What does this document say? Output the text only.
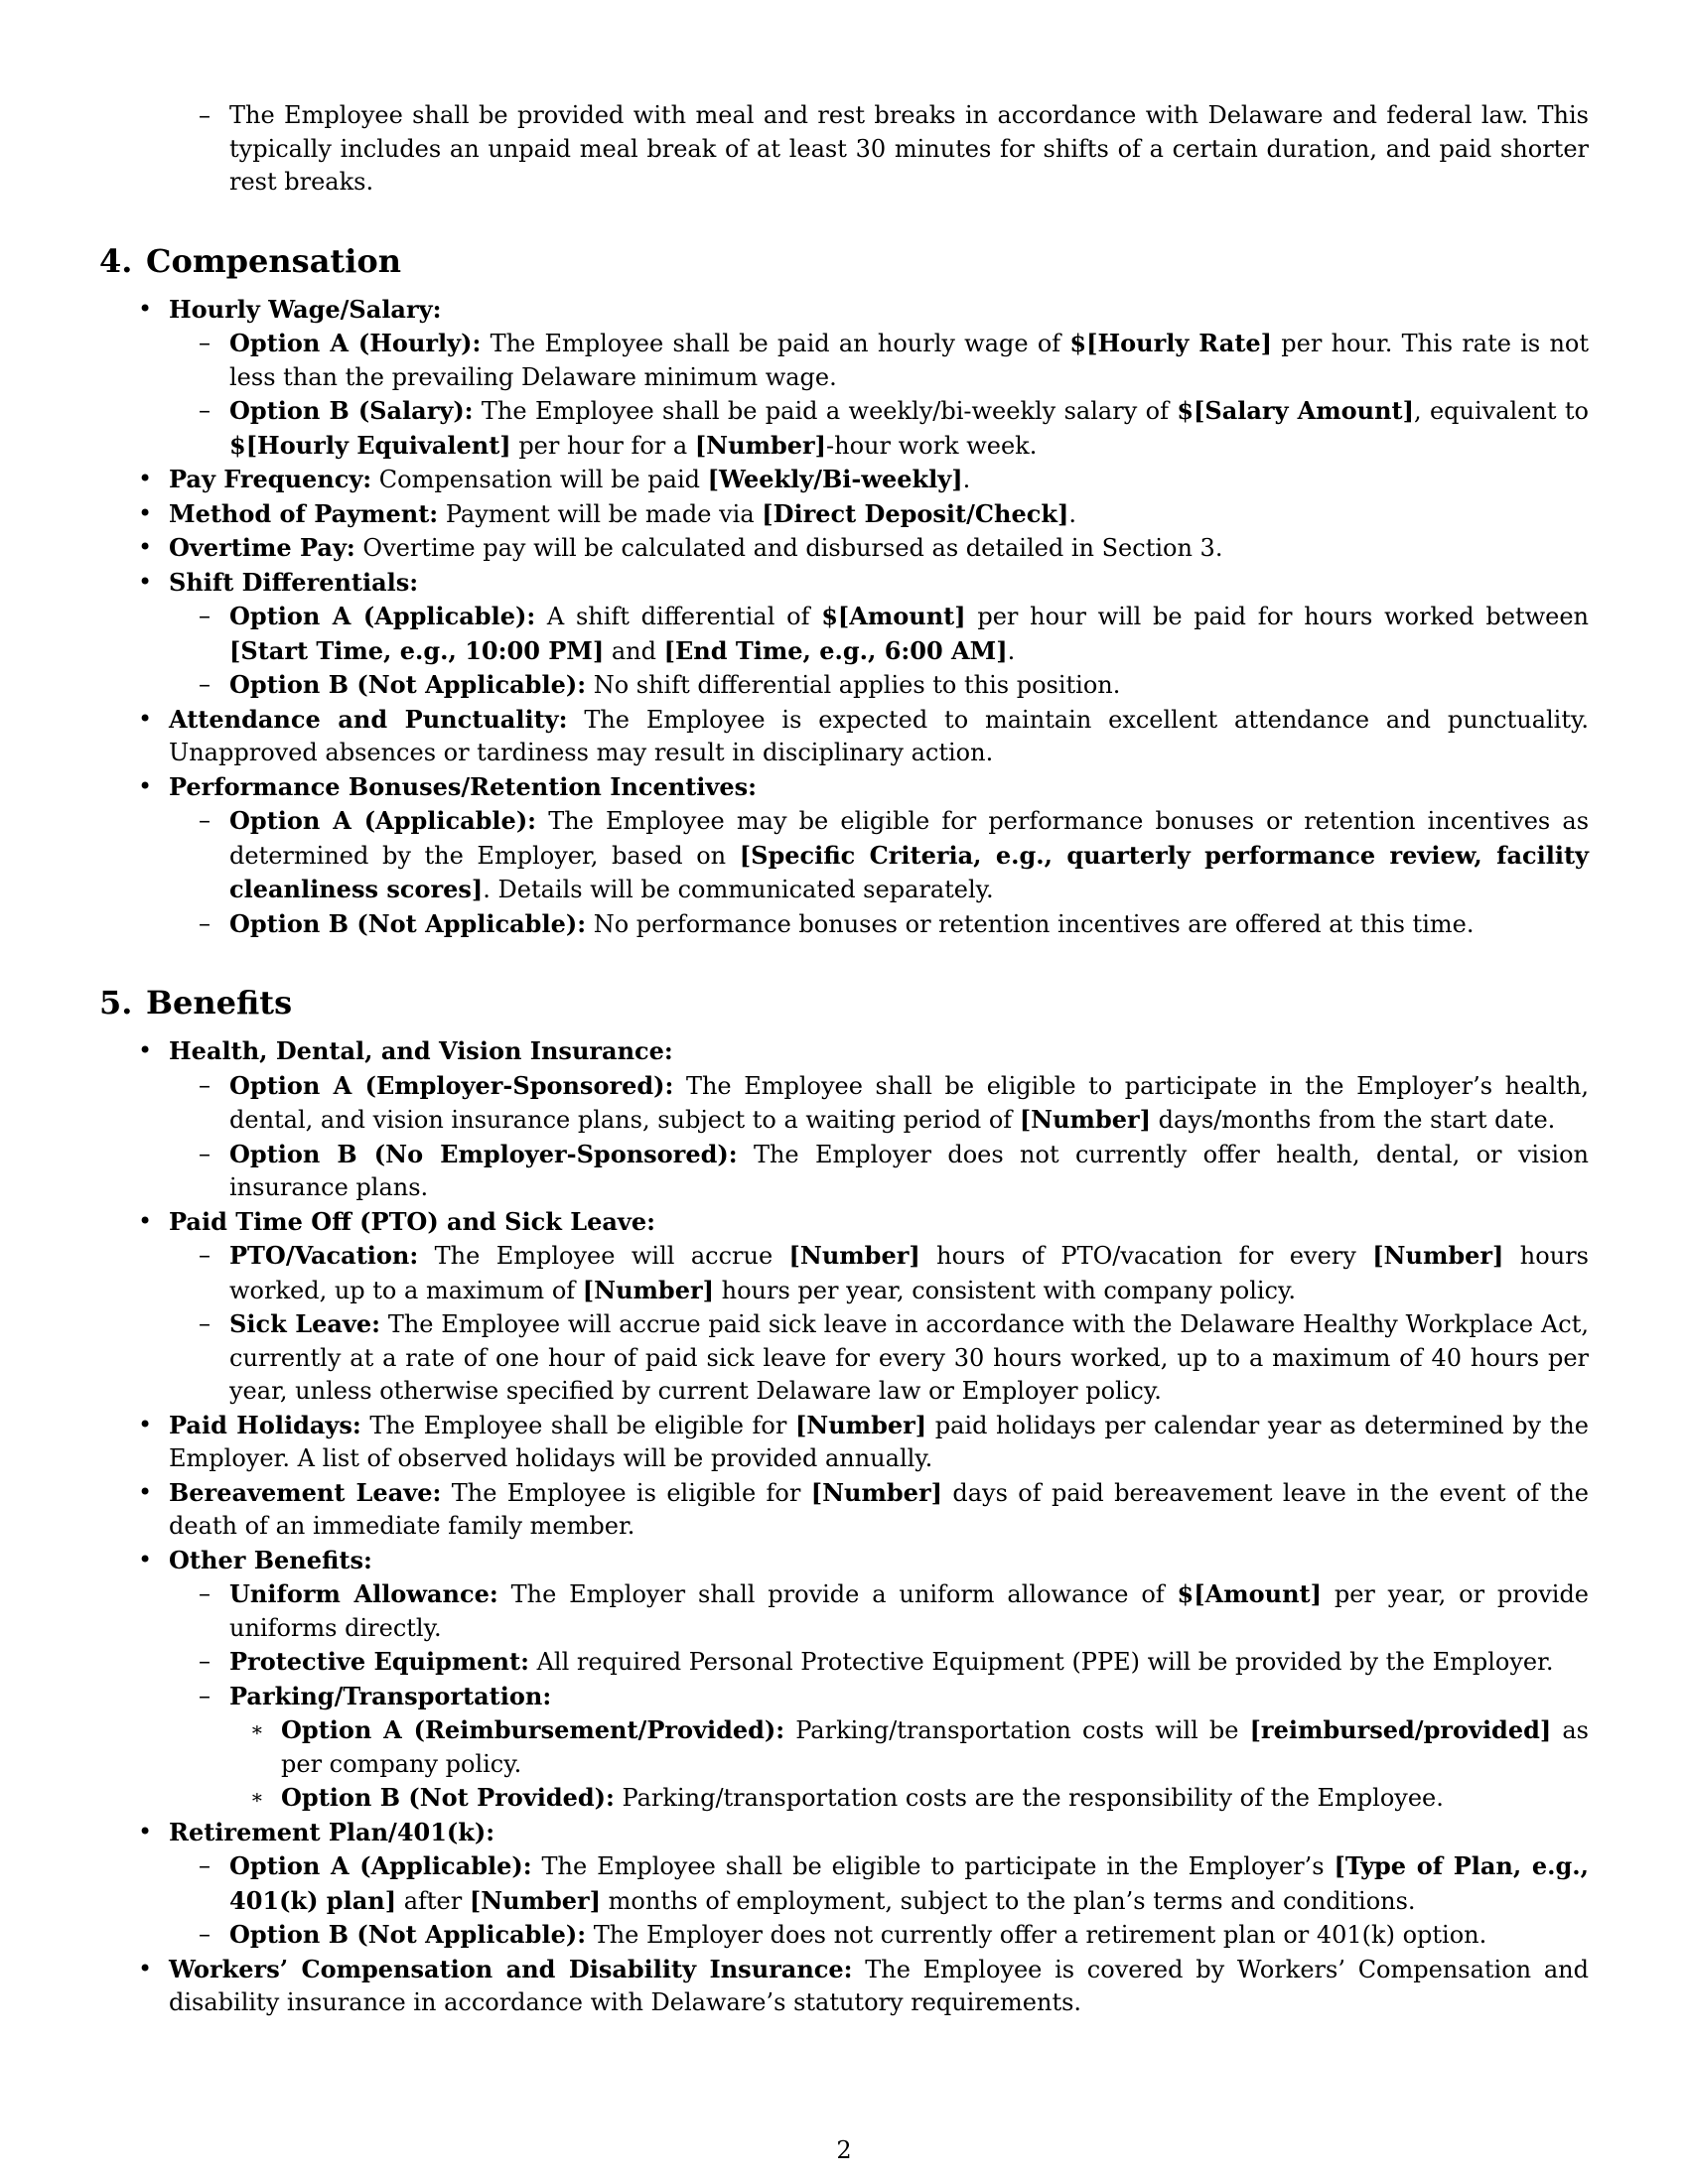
– The Employee shall be provided with meal and rest breaks in accordance with Delaware and federal law. This typically includes an unpaid meal break of at least 30 minutes for shifts of a certain duration, and paid shorter rest breaks.
4. Compensation
• Hourly Wage/Salary:
– Option A (Hourly): The Employee shall be paid an hourly wage of $[Hourly Rate] per hour. This rate is not less than the prevailing Delaware minimum wage.
– Option B (Salary): The Employee shall be paid a weekly/bi-weekly salary of $[Salary Amount], equivalent to $[Hourly Equivalent] per hour for a [Number]-hour work week.
• Pay Frequency: Compensation will be paid [Weekly/Bi-weekly].
• Method of Payment: Payment will be made via [Direct Deposit/Check].
• Overtime Pay: Overtime pay will be calculated and disbursed as detailed in Section 3.
• Shift Differentials:
– Option A (Applicable): A shift differential of $[Amount] per hour will be paid for hours worked between [Start Time, e.g., 10:00 PM] and [End Time, e.g., 6:00 AM].
– Option B (Not Applicable): No shift differential applies to this position.
• Attendance and Punctuality: The Employee is expected to maintain excellent attendance and punctuality. Unapproved absences or tardiness may result in disciplinary action.
• Performance Bonuses/Retention Incentives:
– Option A (Applicable): The Employee may be eligible for performance bonuses or retention incentives as determined by the Employer, based on [Specific Criteria, e.g., quarterly performance review, facility cleanliness scores]. Details will be communicated separately.
– Option B (Not Applicable): No performance bonuses or retention incentives are offered at this time.
5. Benefits
• Health, Dental, and Vision Insurance:
– Option A (Employer-Sponsored): The Employee shall be eligible to participate in the Employer’s health, dental, and vision insurance plans, subject to a waiting period of [Number] days/months from the start date.
– Option B (No Employer-Sponsored): The Employer does not currently offer health, dental, or vision insurance plans.
• Paid Time Off (PTO) and Sick Leave:
– PTO/Vacation: The Employee will accrue [Number] hours of PTO/vacation for every [Number] hours worked, up to a maximum of [Number] hours per year, consistent with company policy.
– Sick Leave: The Employee will accrue paid sick leave in accordance with the Delaware Healthy Workplace Act, currently at a rate of one hour of paid sick leave for every 30 hours worked, up to a maximum of 40 hours per year, unless otherwise specified by current Delaware law or Employer policy.
• Paid Holidays: The Employee shall be eligible for [Number] paid holidays per calendar year as determined by the Employer. A list of observed holidays will be provided annually.
• Bereavement Leave: The Employee is eligible for [Number] days of paid bereavement leave in the event of the death of an immediate family member.
• Other Benefits:
– Uniform Allowance: The Employer shall provide a uniform allowance of $[Amount] per year, or provide uniforms directly.
– Protective Equipment: All required Personal Protective Equipment (PPE) will be provided by the Employer.
– Parking/Transportation:
∗ Option A (Reimbursement/Provided): Parking/transportation costs will be [reimbursed/provided] as per company policy.
∗ Option B (Not Provided): Parking/transportation costs are the responsibility of the Employee.
• Retirement Plan/401(k):
– Option A (Applicable): The Employee shall be eligible to participate in the Employer’s [Type of Plan, e.g., 401(k) plan] after [Number] months of employment, subject to the plan’s terms and conditions.
– Option B (Not Applicable): The Employer does not currently offer a retirement plan or 401(k) option.
• Workers’ Compensation and Disability Insurance: The Employee is covered by Workers’ Compensation and disability insurance in accordance with Delaware’s statutory requirements.
2
